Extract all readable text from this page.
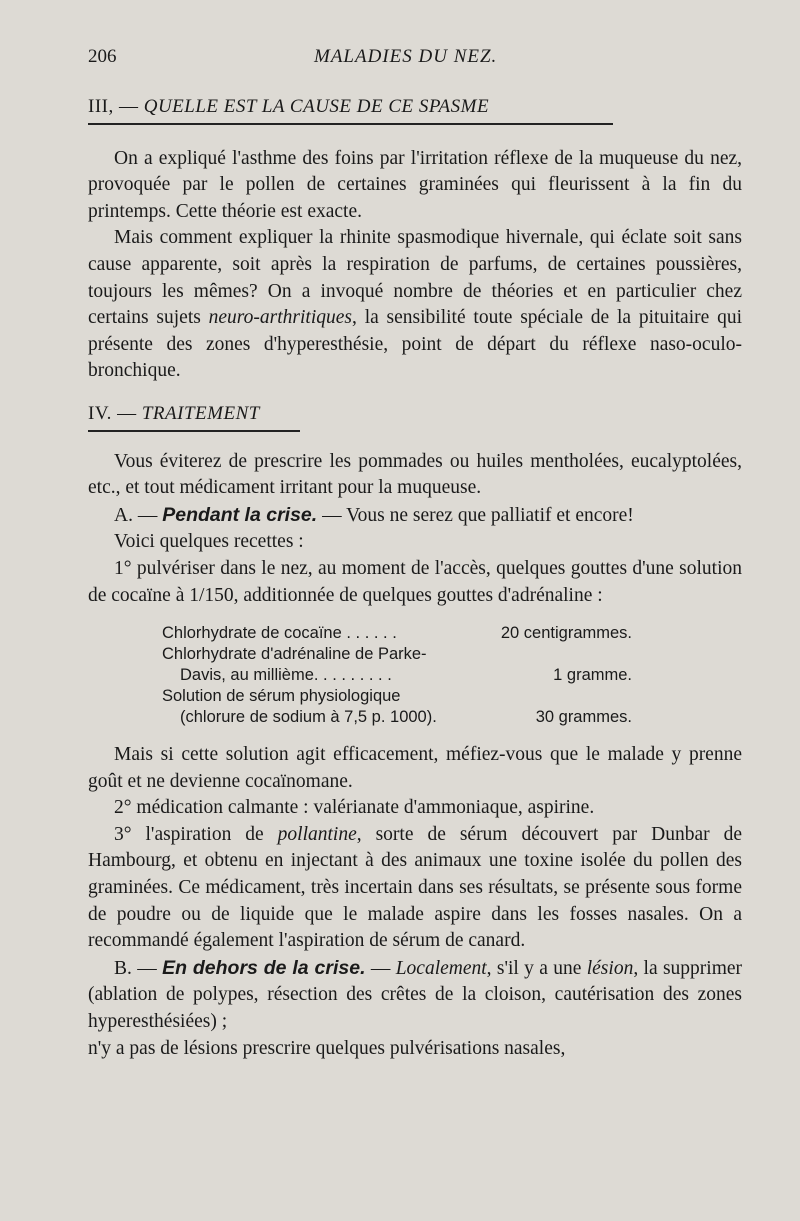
206	MALADIES DU NEZ.

III, — QUELLE EST LA CAUSE DE CE SPASME

On a expliqué l'asthme des foins par l'irritation réflexe de la muqueuse du nez, provoquée par le pollen de certaines graminées qui fleurissent à la fin du printemps. Cette théorie est exacte.

Mais comment expliquer la rhinite spasmodique hivernale, qui éclate soit sans cause apparente, soit après la respiration de parfums, de certaines poussières, toujours les mêmes? On a invoqué nombre de théories et en particulier chez certains sujets neuro-arthritiques, la sensibilité toute spéciale de la pituitaire qui présente des zones d'hyperesthésie, point de départ du réflexe naso-oculo-bronchique.

IV. — TRAITEMENT

Vous éviterez de prescrire les pommades ou huiles mentholées, eucalyptolées, etc., et tout médicament irritant pour la muqueuse.

A. — Pendant la crise. — Vous ne serez que palliatif et encore!

Voici quelques recettes :

1° pulvériser dans le nez, au moment de l'accès, quelques gouttes d'une solution de cocaïne à 1/150, additionnée de quelques gouttes d'adrénaline :

Chlorhydrate de cocaïne . . . . . .	20 centigrammes.
Chlorhydrate d'adrénaline de Parke-
Davis, au millième. . . . . . . . .	1 gramme.
Solution de sérum physiologique
(chlorure de sodium à 7,5 p. 1000).	30 grammes.

Mais si cette solution agit efficacement, méfiez-vous que le malade y prenne goût et ne devienne cocaïnomane.

2° médication calmante : valérianate d'ammoniaque, aspirine.

3° l'aspiration de pollantine, sorte de sérum découvert par Dunbar de Hambourg, et obtenu en injectant à des animaux une toxine isolée du pollen des graminées. Ce médicament, très incertain dans ses résultats, se présente sous forme de poudre ou de liquide que le malade aspire dans les fosses nasales. On a recommandé également l'aspiration de sérum de canard.

B. — En dehors de la crise. — Localement, s'il y a une lésion, la supprimer (ablation de polypes, résection des crêtes de la cloison, cautérisation des zones hyperesthésiées) ;

n'y a pas de lésions prescrire quelques pulvérisations nasales,
